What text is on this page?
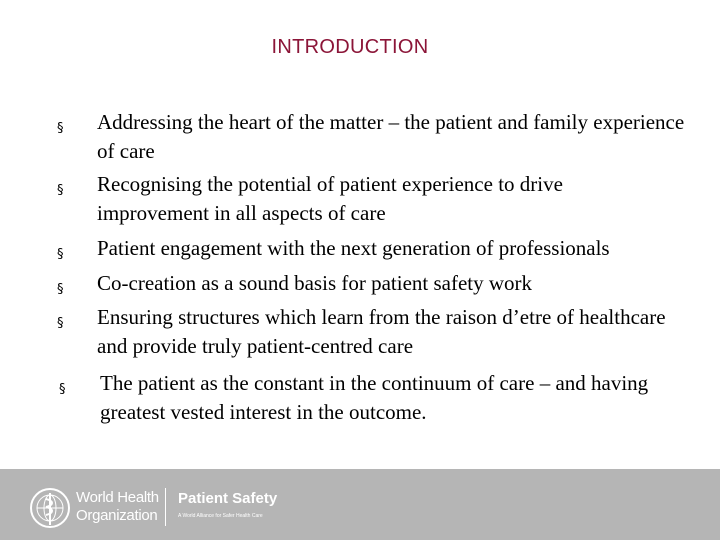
INTRODUCTION
§ Addressing the heart of the matter – the patient and family experience of care
§ Recognising the potential of patient experience to drive improvement in all aspects of care
§ Patient engagement with the next generation of professionals
§ Co-creation as a sound basis for patient safety work
§ Ensuring structures which learn from the raison d’etre of healthcare and provide truly patient-centred care
§ The patient as the constant in the continuum of care – and having greatest vested interest in the outcome.
World Health
Organization
Patient Safety
A World Alliance for Safer Health Care
